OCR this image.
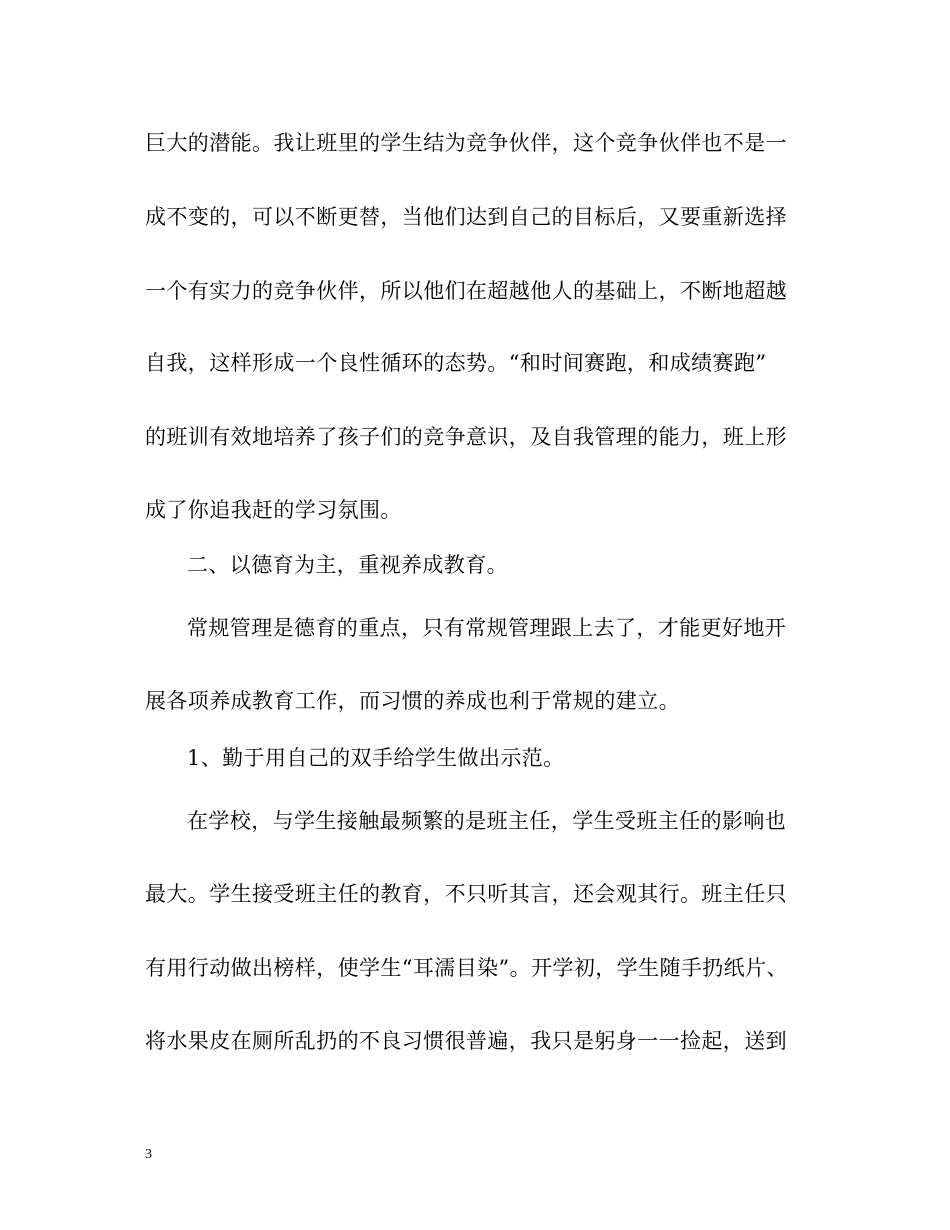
巨大的潜能。我让班里的学生结为竞争伙伴，这个竞争伙伴也不是一
成不变的，可以不断更替，当他们达到自己的目标后，又要重新选择
一个有实力的竞争伙伴，所以他们在超越他人的基础上，不断地超越
自我，这样形成一个良性循环的态势。“和时间赛跑，和成绩赛跑”
的班训有效地培养了孩子们的竞争意识，及自我管理的能力，班上形
成了你追我赶的学习氛围。
二、以德育为主，重视养成教育。
常规管理是德育的重点，只有常规管理跟上去了，才能更好地开
展各项养成教育工作，而习惯的养成也利于常规的建立。
1、勤于用自己的双手给学生做出示范。
在学校，与学生接触最频繁的是班主任，学生受班主任的影响也
最大。学生接受班主任的教育，不只听其言，还会观其行。班主任只
有用行动做出榜样，使学生“耳濡目染”。开学初，学生随手扔纸片、
将水果皮在厕所乱扔的不良习惯很普遍，我只是躬身一一捡起，送到
3
